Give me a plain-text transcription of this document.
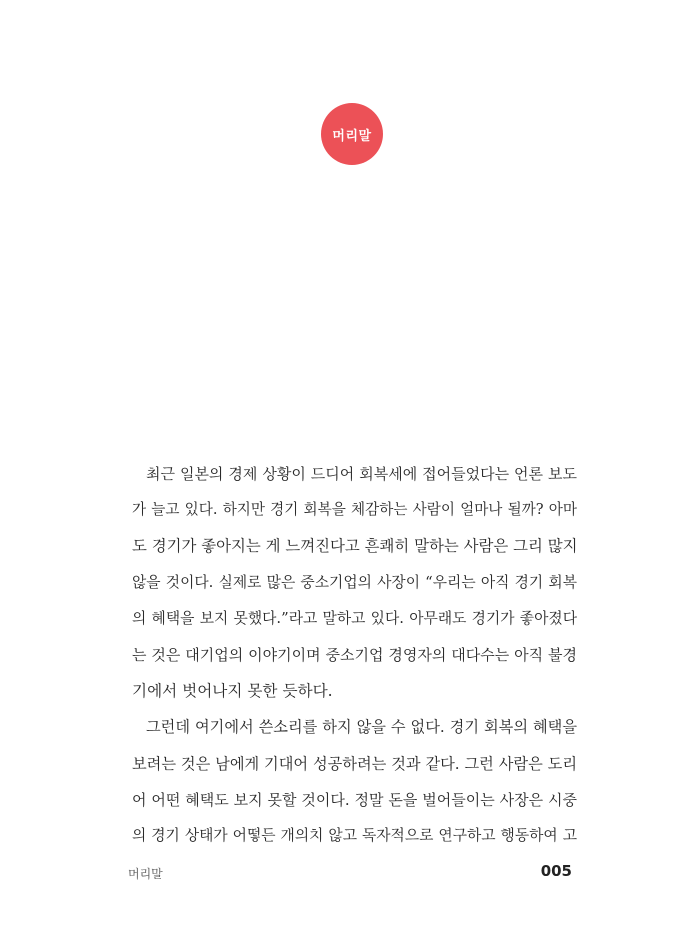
머리말
최근 일본의 경제 상황이 드디어 회복세에 접어들었다는 언론 보도
가 늘고 있다. 하지만 경기 회복을 체감하는 사람이 얼마나 될까? 아마
도 경기가 좋아지는 게 느껴진다고 흔쾌히 말하는 사람은 그리 많지
않을 것이다. 실제로 많은 중소기업의 사장이 “우리는 아직 경기 회복
의 혜택을 보지 못했다.”라고 말하고 있다. 아무래도 경기가 좋아졌다
는 것은 대기업의 이야기이며 중소기업 경영자의 대다수는 아직 불경
기에서 벗어나지 못한 듯하다.
그런데 여기에서 쓴소리를 하지 않을 수 없다. 경기 회복의 혜택을
보려는 것은 남에게 기대어 성공하려는 것과 같다. 그런 사람은 도리
어 어떤 혜택도 보지 못할 것이다. 정말 돈을 벌어들이는 사장은 시중
의 경기 상태가 어떻든 개의치 않고 독자적으로 연구하고 행동하여 고
머리말	005
